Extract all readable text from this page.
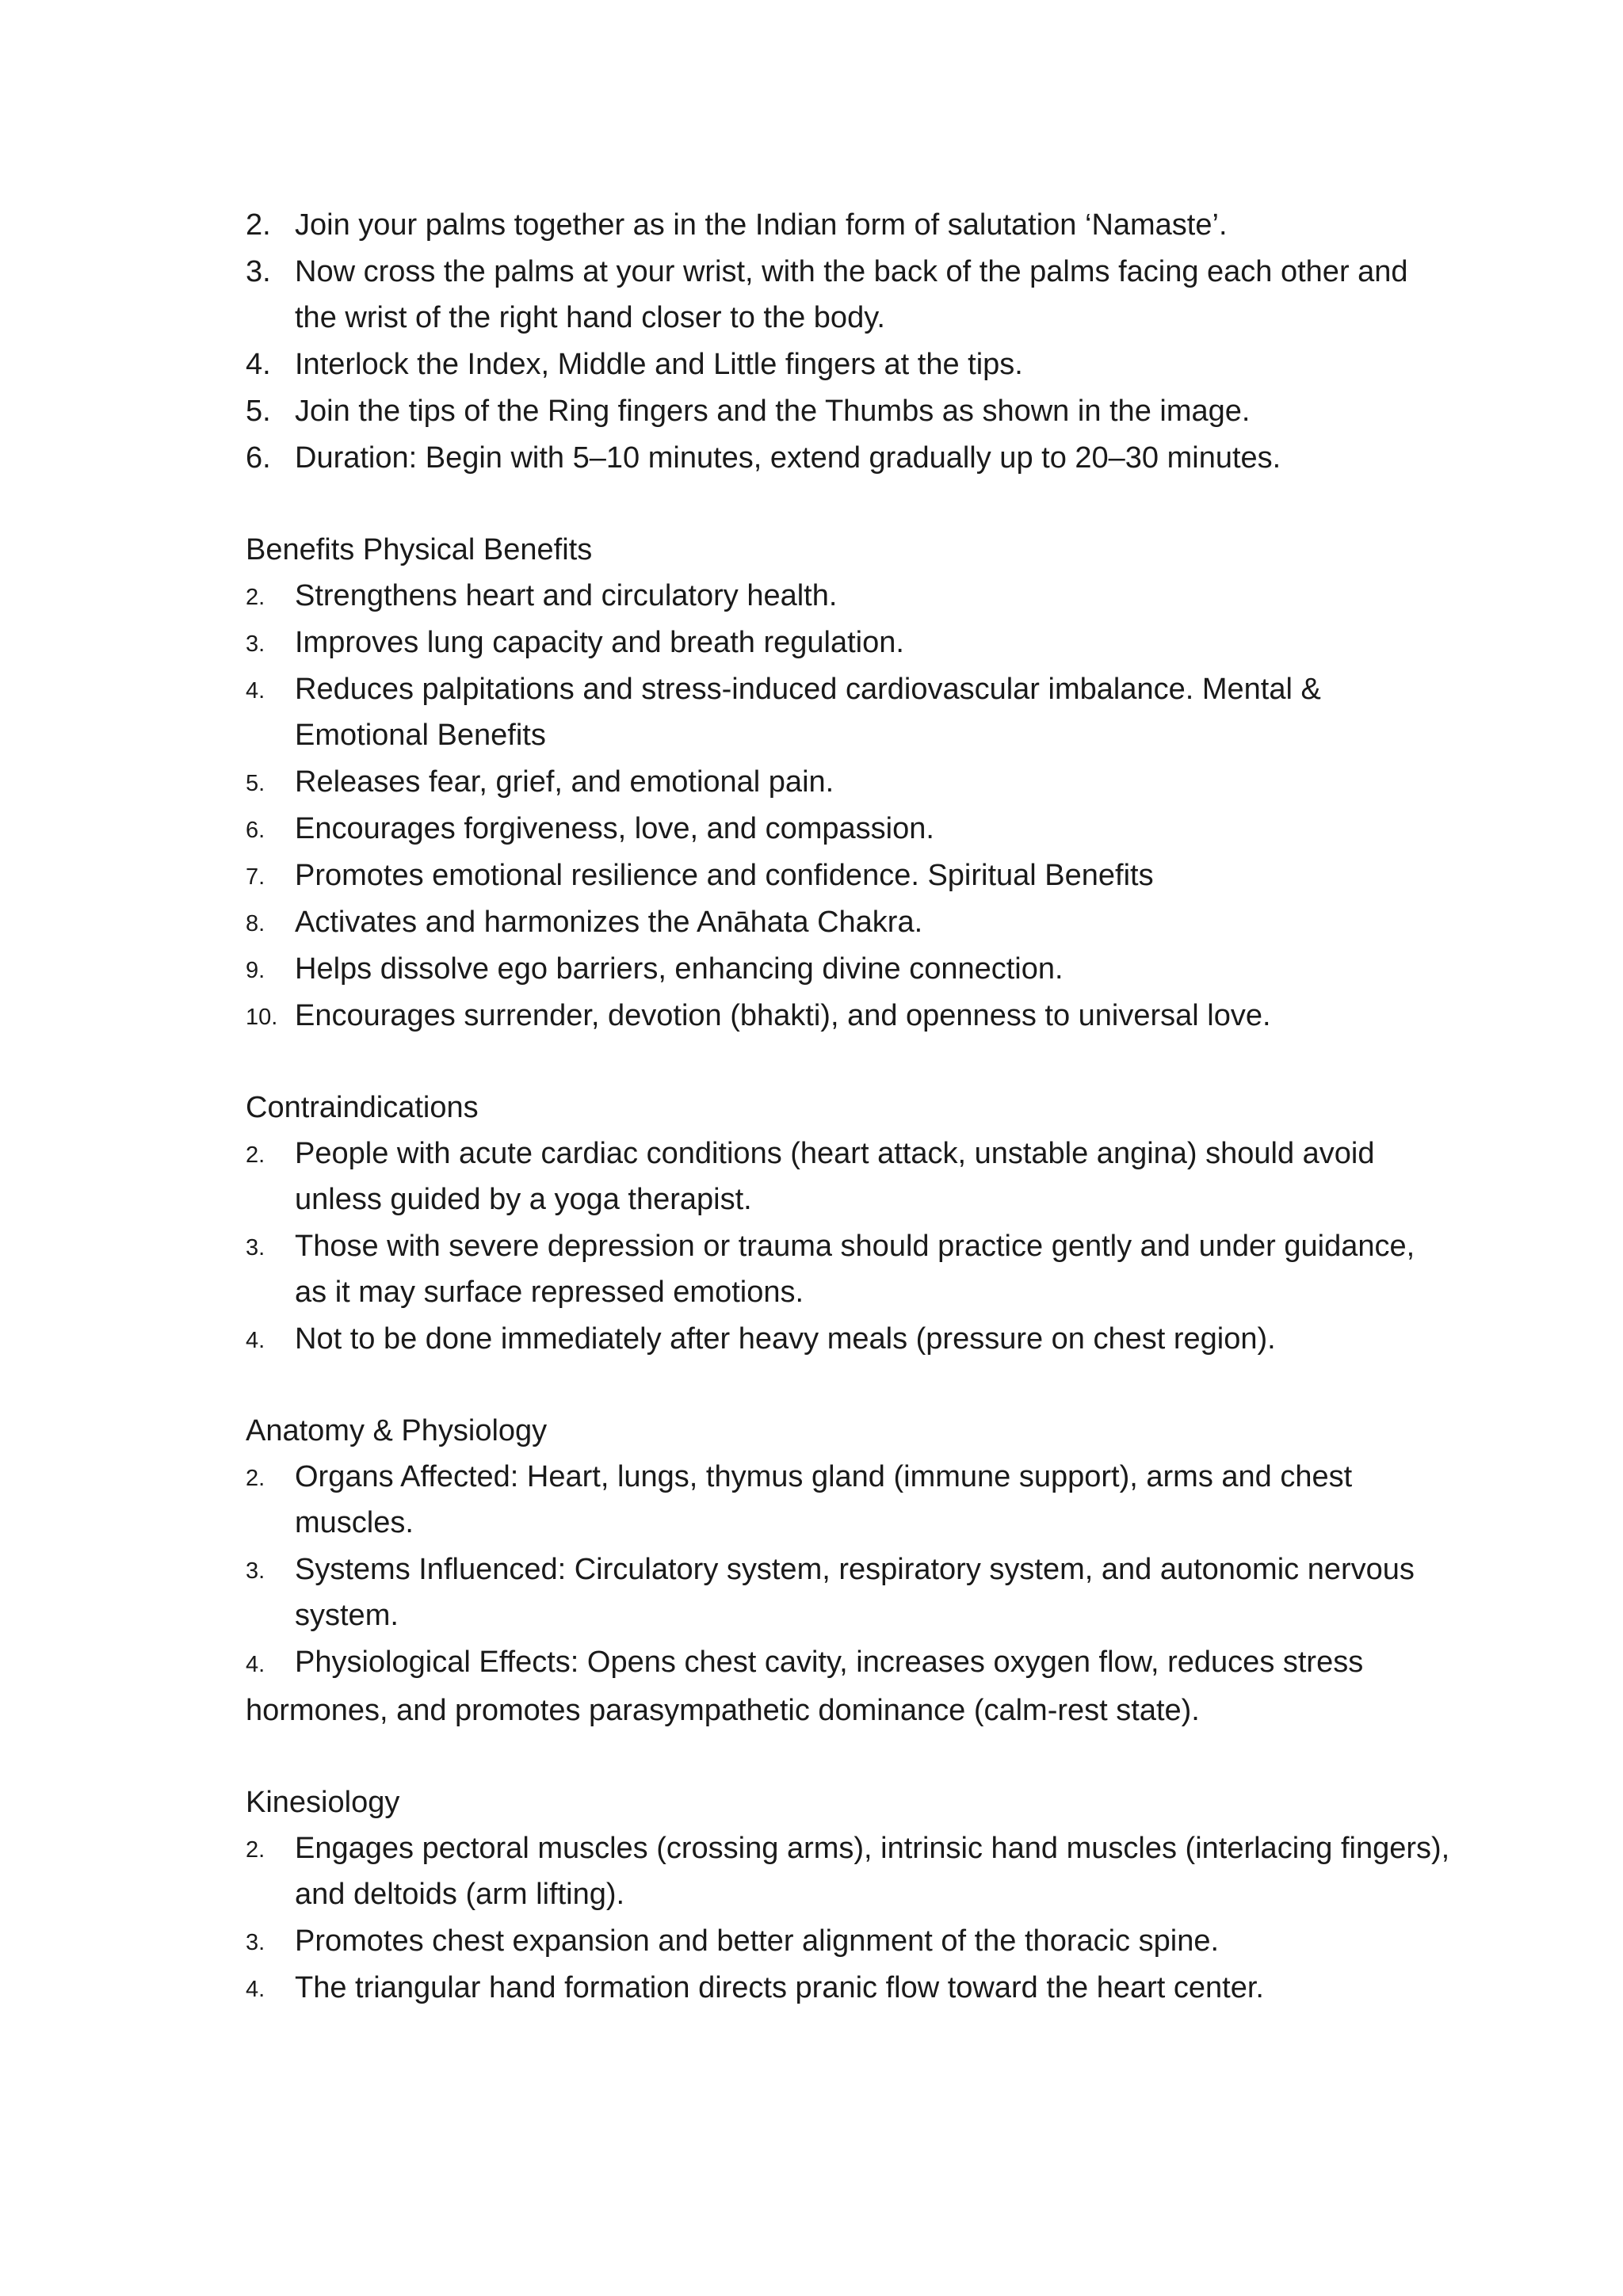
2. Join your palms together as in the Indian form of salutation ‘Namaste’.
3. Now cross the palms at your wrist, with the back of the palms facing each other and the wrist of the right hand closer to the body.
4. Interlock the Index, Middle and Little fingers at the tips.
5. Join the tips of the Ring fingers and the Thumbs as shown in the image.
6. Duration: Begin with 5–10 minutes, extend gradually up to 20–30 minutes.
Benefits Physical Benefits
2. Strengthens heart and circulatory health.
3. Improves lung capacity and breath regulation.
4. Reduces palpitations and stress-induced cardiovascular imbalance. Mental & Emotional Benefits
5. Releases fear, grief, and emotional pain.
6. Encourages forgiveness, love, and compassion.
7. Promotes emotional resilience and confidence. Spiritual Benefits
8. Activates and harmonizes the Anāhata Chakra.
9. Helps dissolve ego barriers, enhancing divine connection.
10. Encourages surrender, devotion (bhakti), and openness to universal love.
Contraindications
2. People with acute cardiac conditions (heart attack, unstable angina) should avoid unless guided by a yoga therapist.
3. Those with severe depression or trauma should practice gently and under guidance, as it may surface repressed emotions.
4. Not to be done immediately after heavy meals (pressure on chest region).
Anatomy & Physiology
2. Organs Affected: Heart, lungs, thymus gland (immune support), arms and chest muscles.
3. Systems Influenced: Circulatory system, respiratory system, and autonomic nervous system.
4. Physiological Effects: Opens chest cavity, increases oxygen flow, reduces stress hormones, and promotes parasympathetic dominance (calm-rest state).
Kinesiology
2. Engages pectoral muscles (crossing arms), intrinsic hand muscles (interlacing fingers), and deltoids (arm lifting).
3. Promotes chest expansion and better alignment of the thoracic spine.
4. The triangular hand formation directs pranic flow toward the heart center.
